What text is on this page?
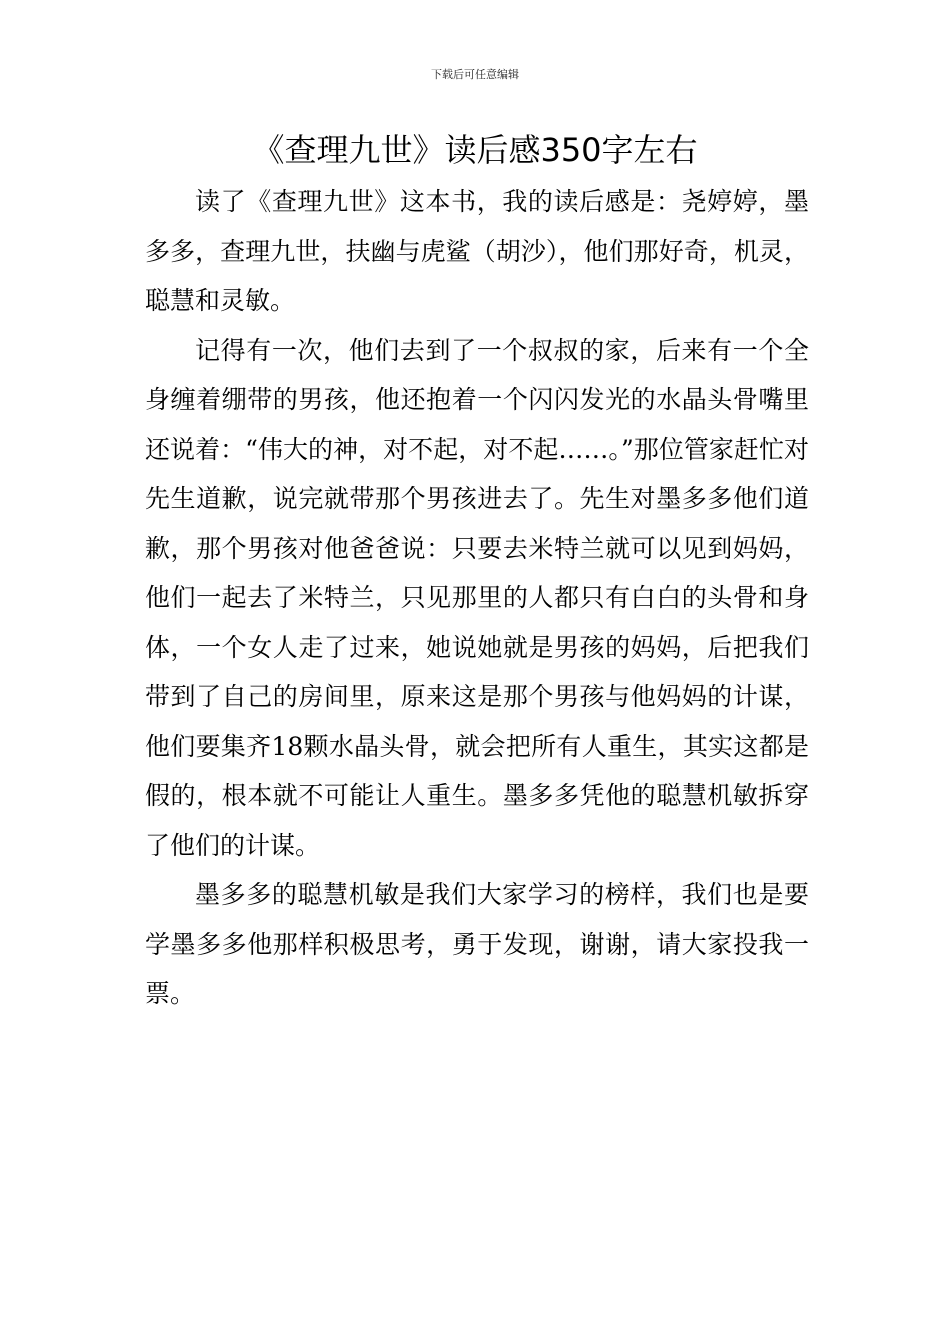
下载后可任意编辑
《查理九世》读后感350字左右

读了《查理九世》这本书，我的读后感是：尧婷婷，墨多多，查理九世，扶幽与虎鲨（胡沙），他们那好奇，机灵，聪慧和灵敏。

记得有一次，他们去到了一个叔叔的家，后来有一个全身缠着绷带的男孩，他还抱着一个闪闪发光的水晶头骨嘴里还说着：“伟大的神，对不起，对不起……。”那位管家赶忙对先生道歉，说完就带那个男孩进去了。先生对墨多多他们道歉，那个男孩对他爸爸说：只要去米特兰就可以见到妈妈，他们一起去了米特兰，只见那里的人都只有白白的头骨和身体，一个女人走了过来，她说她就是男孩的妈妈，后把我们带到了自己的房间里，原来这是那个男孩与他妈妈的计谋，他们要集齐18颗水晶头骨，就会把所有人重生，其实这都是假的，根本就不可能让人重生。墨多多凭他的聪慧机敏拆穿了他们的计谋。

墨多多的聪慧机敏是我们大家学习的榜样，我们也是要学墨多多他那样积极思考，勇于发现，谢谢，请大家投我一票。
